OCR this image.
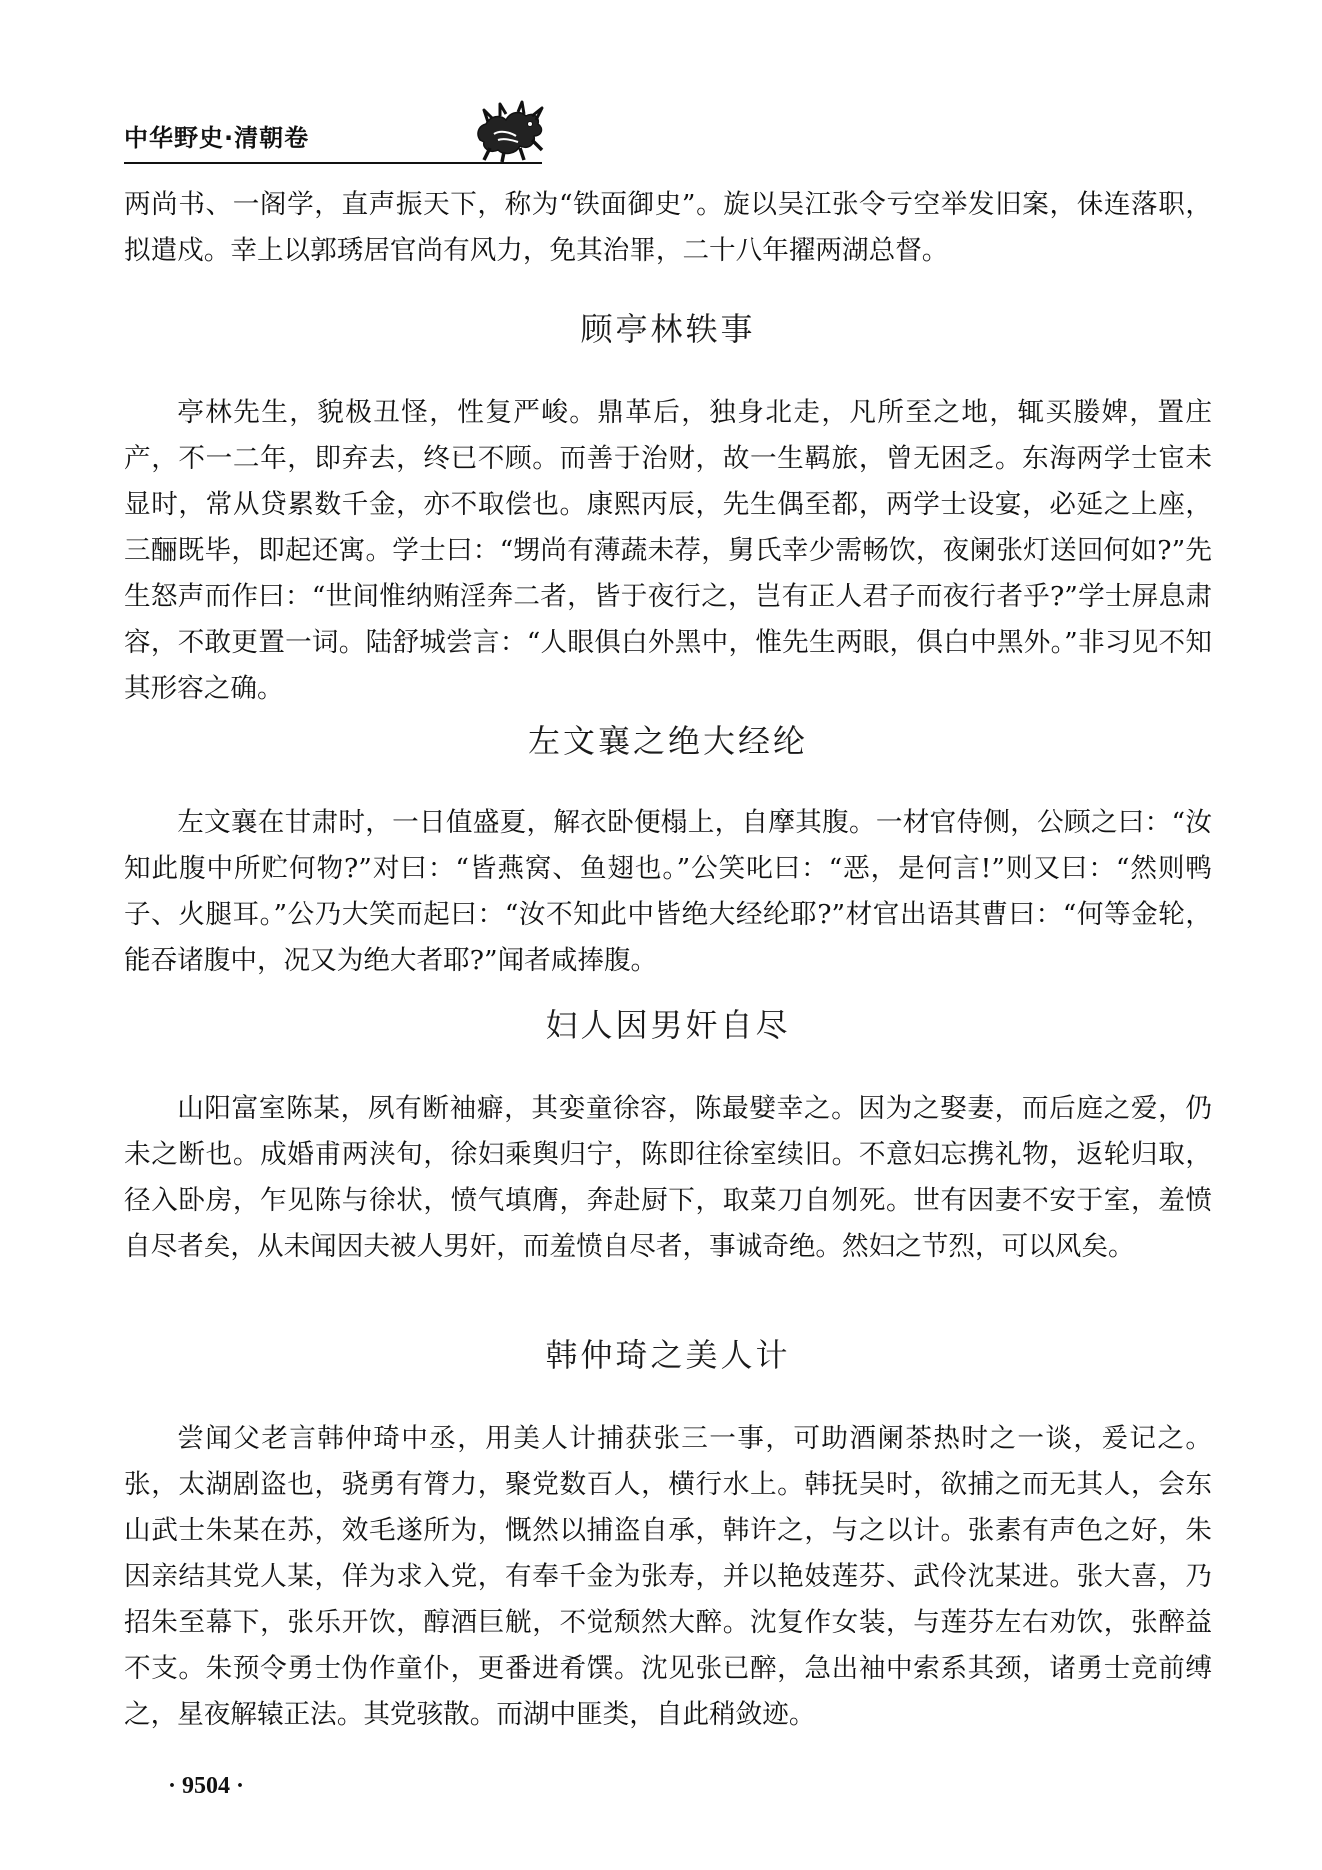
中华野史·清朝卷

两尚书、一阁学，直声振天下，称为“铁面御史”。旋以吴江张令亏空举发旧案，佅连落职，拟遣戍。幸上以郭琇居官尚有风力，免其治罪，二十八年擢两湖总督。

顾亭林轶事

亭林先生，貌极丑怪，性复严峻。鼎革后，独身北走，凡所至之地，辄买媵婢，置庄产，不一二年，即弃去，终已不顾。而善于治财，故一生羁旅，曾无困乏。东海两学士宦未显时，常从贷累数千金，亦不取偿也。康熙丙辰，先生偶至都，两学士设宴，必延之上座，三酾既毕，即起还寓。学士曰：“甥尚有薄蔬未荐，舅氏幸少需畅饮，夜阑张灯送回何如?”先生怒声而作曰：“世间惟纳贿淫奔二者，皆于夜行之，岂有正人君子而夜行者乎?”学士屏息肃容，不敢更置一词。陆舒城尝言：“人眼俱白外黑中，惟先生两眼，俱白中黑外。”非习见不知其形容之确。

左文襄之绝大经纶

左文襄在甘肃时，一日值盛夏，解衣卧便榻上，自摩其腹。一材官侍侧，公顾之曰：“汝知此腹中所贮何物?”对曰：“皆燕窝、鱼翅也。”公笑叱曰：“恶，是何言!”则又曰：“然则鸭子、火腿耳。”公乃大笑而起曰：“汝不知此中皆绝大经纶耶?”材官出语其曹曰：“何等金轮，能吞诸腹中，况又为绝大者耶?”闻者咸捧腹。

妇人因男奸自尽

山阳富室陈某，夙有断袖癖，其娈童徐容，陈最嬖幸之。因为之娶妻，而后庭之爱，仍未之断也。成婚甫两浃旬，徐妇乘舆归宁，陈即往徐室续旧。不意妇忘携礼物，返轮归取，径入卧房，乍见陈与徐状，愤气填膺，奔赴厨下，取菜刀自刎死。世有因妻不安于室，羞愤自尽者矣，从未闻因夫被人男奸，而羞愤自尽者，事诚奇绝。然妇之节烈，可以风矣。

韩仲琦之美人计

尝闻父老言韩仲琦中丞，用美人计捕获张三一事，可助酒阑茶热时之一谈，爰记之。张，太湖剧盗也，骁勇有膂力，聚党数百人，横行水上。韩抚吴时，欲捕之而无其人，会东山武士朱某在苏，效毛遂所为，慨然以捕盗自承，韩许之，与之以计。张素有声色之好，朱因亲结其党人某，佯为求入党，有奉千金为张寿，并以艳妓莲芬、武伶沈某进。张大喜，乃招朱至幕下，张乐开饮，醇酒巨觥，不觉颓然大醉。沈复作女装，与莲芬左右劝饮，张醉益不支。朱预令勇士伪作童仆，更番进肴馔。沈见张已醉，急出袖中索系其颈，诸勇士竞前缚之，星夜解辕正法。其党骇散。而湖中匪类，自此稍敛迹。

· 9504 ·
